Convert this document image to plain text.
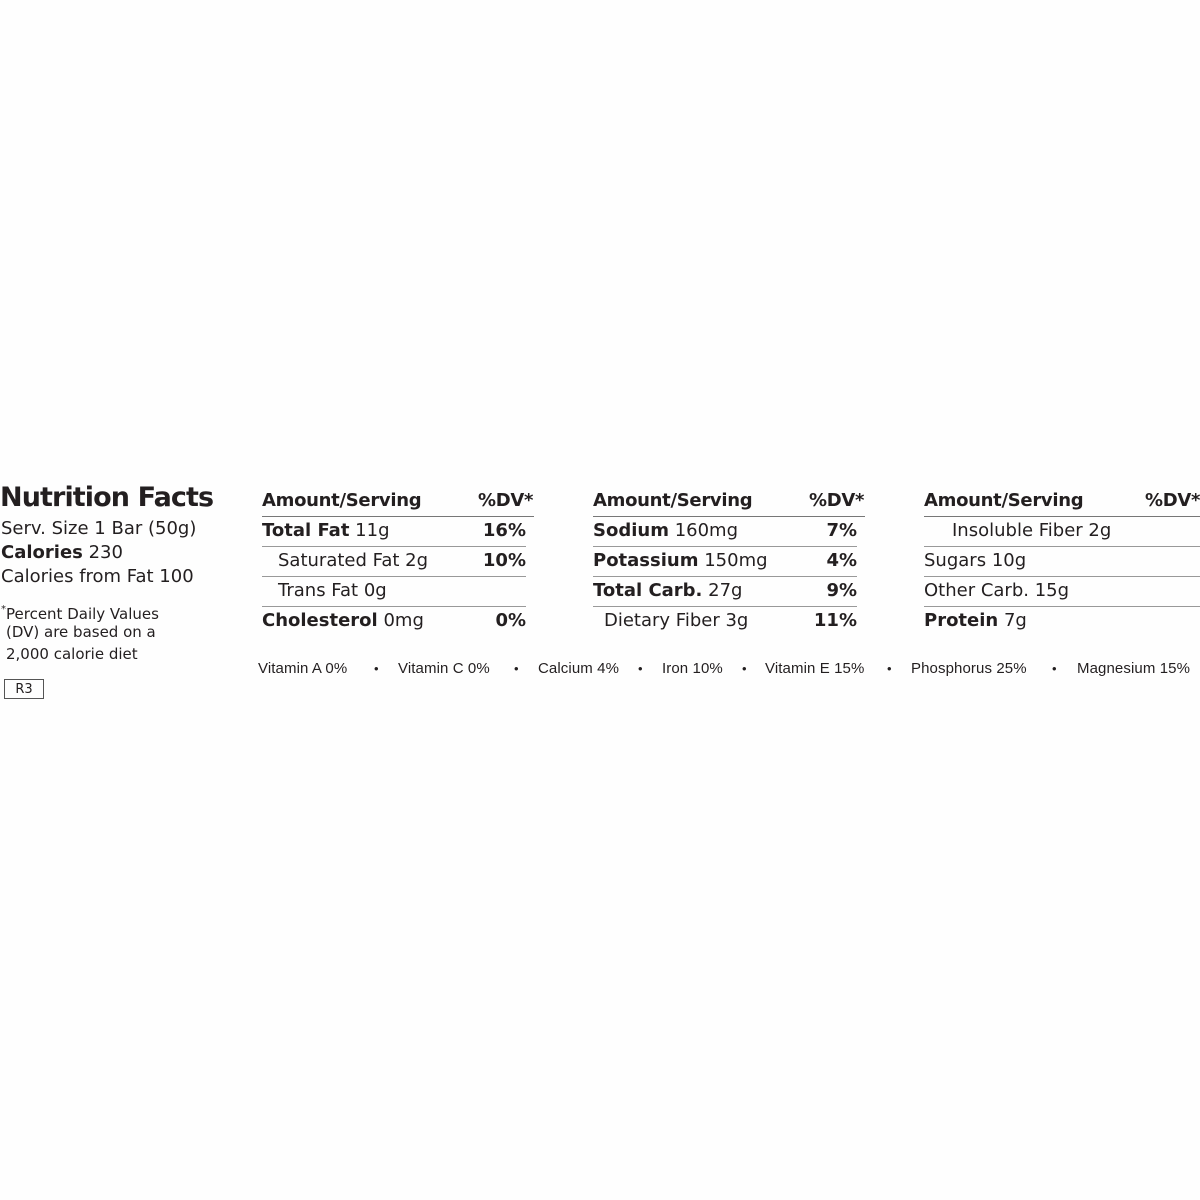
Nutrition Facts
Serv. Size 1 Bar (50g)
Calories 230
Calories from Fat 100
*Percent Daily Values
(DV) are based on a
2,000 calorie diet
R3
Amount/Serving	%DV*
Total Fat 11g	16%
Saturated Fat 2g	10%
Trans Fat 0g
Cholesterol 0mg	0%
Amount/Serving	%DV*
Sodium 160mg	7%
Potassium 150mg	4%
Total Carb. 27g	9%
Dietary Fiber 3g	11%
Amount/Serving	%DV*
Insoluble Fiber 2g
Sugars 10g
Other Carb. 15g
Protein 7g
Vitamin A 0% • Vitamin C 0% • Calcium 4% • Iron 10% • Vitamin E 15% • Phosphorus 25% • Magnesium 15%
